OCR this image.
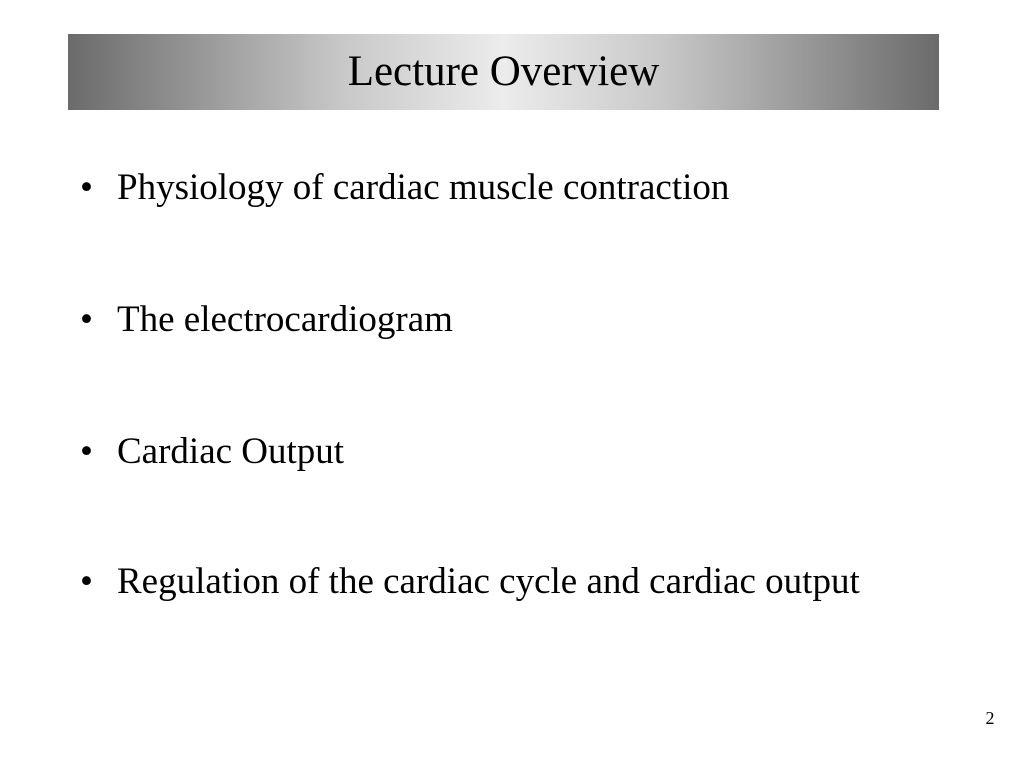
Lecture Overview
• Physiology of cardiac muscle contraction
• The electrocardiogram
• Cardiac Output
• Regulation of the cardiac cycle and cardiac output
2
